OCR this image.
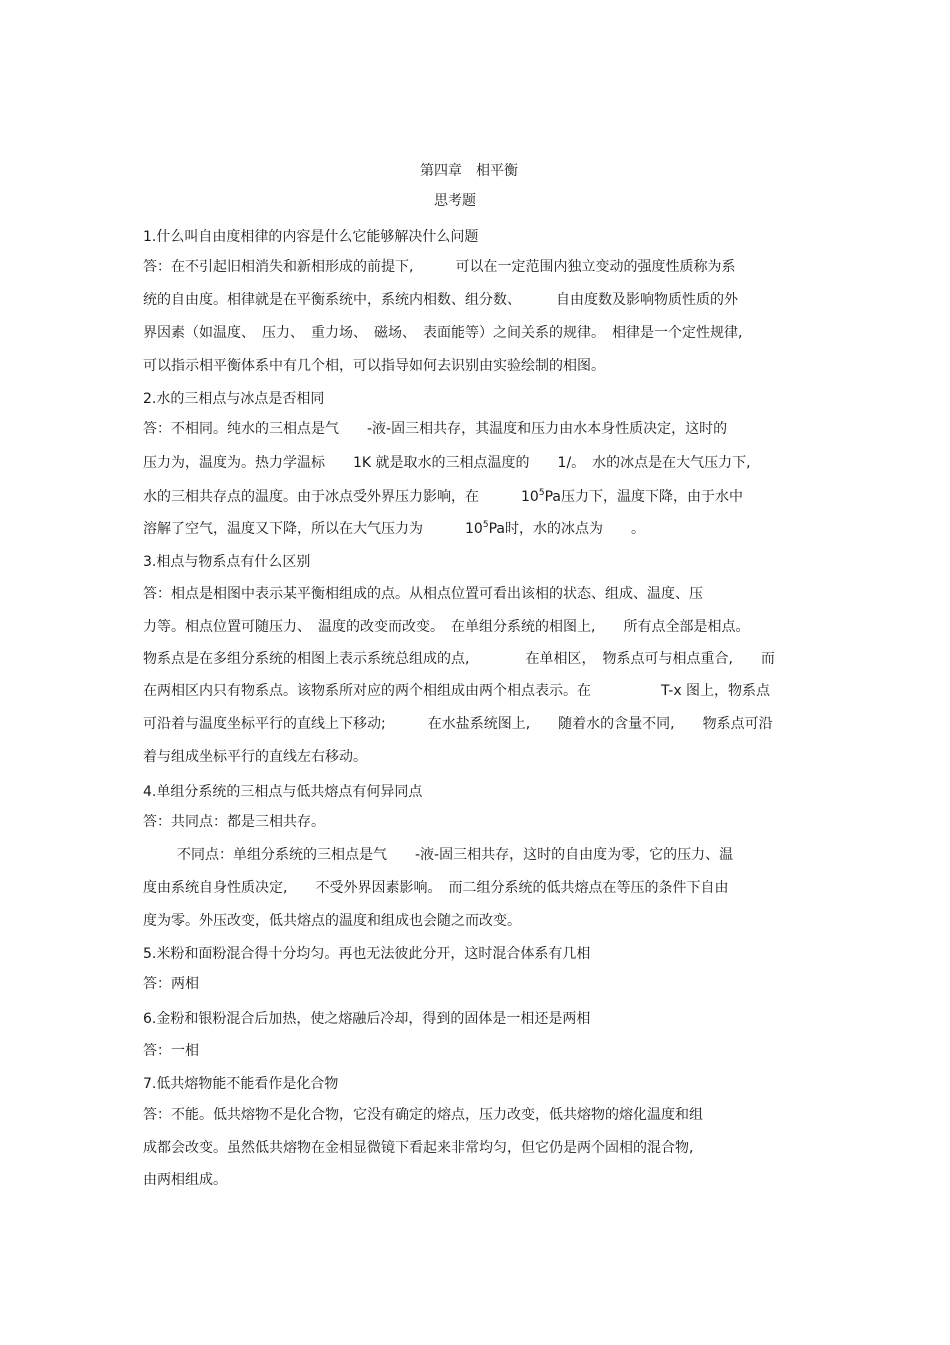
第四章　相平衡
思考题
1.什么叫自由度相律的内容是什么它能够解决什么问题
答：在不引起旧相消失和新相形成的前提下,　　　可以在一定范围内独立变动的强度性质称为系
统的自由度。相律就是在平衡系统中，系统内相数、组分数、　　　自由度数及影响物质性质的外
界因素（如温度、　压力、　重力场、　磁场、　表面能等）之间关系的规律。　相律是一个定性规律,
可以指示相平衡体系中有几个相，可以指导如何去识别由实验绘制的相图。
2.水的三相点与冰点是否相同
答：不相同。纯水的三相点是气　　-液-固三相共存，其温度和压力由水本身性质决定，这时的
压力为，温度为。热力学温标　　1K 就是取水的三相点温度的　　1/。　水的冰点是在大气压力下,
水的三相共存点的温度。由于冰点受外界压力影响，在　　　$10^5Pa$压力下，温度下降，由于水中
溶解了空气，温度又下降，所以在大气压力为　　　$10^5Pa$时，水的冰点为　　。
3.相点与物系点有什么区别
答：相点是相图中表示某平衡相组成的点。从相点位置可看出该相的状态、组成、温度、压
力等。相点位置可随压力、　温度的改变而改变。　在单组分系统的相图上,　　所有点全部是相点。
物系点是在多组分系统的相图上表示系统总组成的点,　　　　在单相区，　物系点可与相点重合,　　而
在两相区内只有物系点。该物系所对应的两个相组成由两个相点表示。在　　　　　T-x 图上，物系点
可沿着与温度坐标平行的直线上下移动;　　　在水盐系统图上,　　随着水的含量不同,　　物系点可沿
着与组成坐标平行的直线左右移动。
4.单组分系统的三相点与低共熔点有何异同点
答：共同点：都是三相共存。
不同点：单组分系统的三相点是气　　-液-固三相共存，这时的自由度为零，它的压力、温
度由系统自身性质决定,　　不受外界因素影响。　而二组分系统的低共熔点在等压的条件下自由
度为零。外压改变，低共熔点的温度和组成也会随之而改变。
5.米粉和面粉混合得十分均匀。再也无法彼此分开，这时混合体系有几相
答：两相
6.金粉和银粉混合后加热，使之熔融后冷却，得到的固体是一相还是两相
答：一相
7.低共熔物能不能看作是化合物
答：不能。低共熔物不是化合物，它没有确定的熔点，压力改变，低共熔物的熔化温度和组
成都会改变。虽然低共熔物在金相显微镜下看起来非常均匀，但它仍是两个固相的混合物,
由两相组成。
